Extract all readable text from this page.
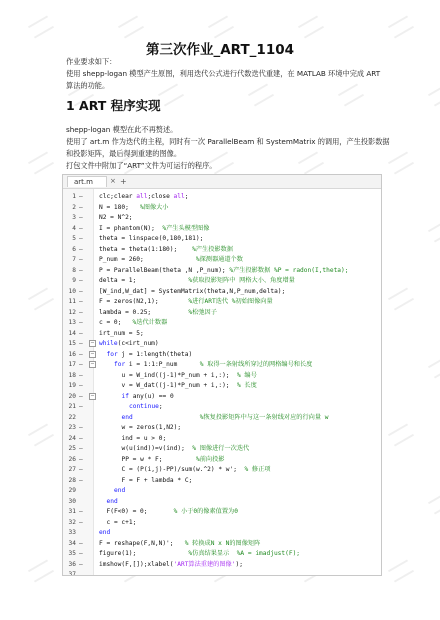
第三次作业_ART_1104
作业要求如下：
使用 shepp-logan 模型产生原图，利用迭代公式进行代数迭代重建，在 MATLAB 环境中完成 ART
算法的功能。
1 ART 程序实现
shepp-logan 模型在此不再赘述。
使用了 art.m 作为迭代的主程，同时有一次 ParallelBeam 和 SystemMatrix 的调用，产生投影数据
和投影矩阵，最后得到重建的图像。
打包文件中附加了“ART”文件为可运行的程序。
art.m	× +
1 —	clc;clear all;close all;
2 —	N = 180;   %图像大小
3 —	N2 = N^2;
4 —	I = phantom(N);  %产生头模型图像
5 —	theta = linspace(0,180,181);
6 —	theta = theta(1:180);    %产生投影数据
7 —	P_num = 260;              %探测器通道个数
8 —	P = ParallelBeam(theta ,N ,P_num); %产生投影数据 %P = radon(I,theta);
9 —	delta = 1;              %获取投影矩阵中 网格大小、角度增量
10 —	[W_ind,W_dat] = SystemMatrix(theta,N,P_num,delta);
11 —	F = zeros(N2,1);        %进行ART迭代 %初始图像向量
12 —	lambda = 0.25;          %松弛因子
13 —	c = 0;   %迭代计数器
14 —	irt_num = 5;
15 — − while(c<irt_num)
16 — − for j = 1:length(theta)
17 — −	for i = 1:1:P_num      % 取得一条射线所穿过的网格编号和长度
18 —	u = W_ind((j-1)*P_num + i,:);  % 编号
19 —	v = W_dat((j-1)*P_num + i,:);  % 长度
20 — −	if any(u) == 0
21 —	continue;
22	end	%恢复投影矩阵中与这一条射线对应的行向量 w
23 —	w = zeros(1,N2);
24 —	ind = u > 0;
25 —	w(u(ind))=v(ind);  % 图像进行一次迭代
26 —	PP = w * F;         %前向投影
27 —	C = (P(i,j)-PP)/sum(w.^2) * w';  % 修正项
28 —	F = F + lambda * C;
29	end
30	end
31 —	F(F<0) = 0;       % 小于0的像素值置为0
32 —	c = c+1;
33	end
34 —	F = reshape(F,N,N)';   % 转换成N x N的图像矩阵
35 —	figure(1);              %仿真结果显示  %A = imadjust(F);
36 —	imshow(F,[]);xlabel('ART算法重建的图像');
37
